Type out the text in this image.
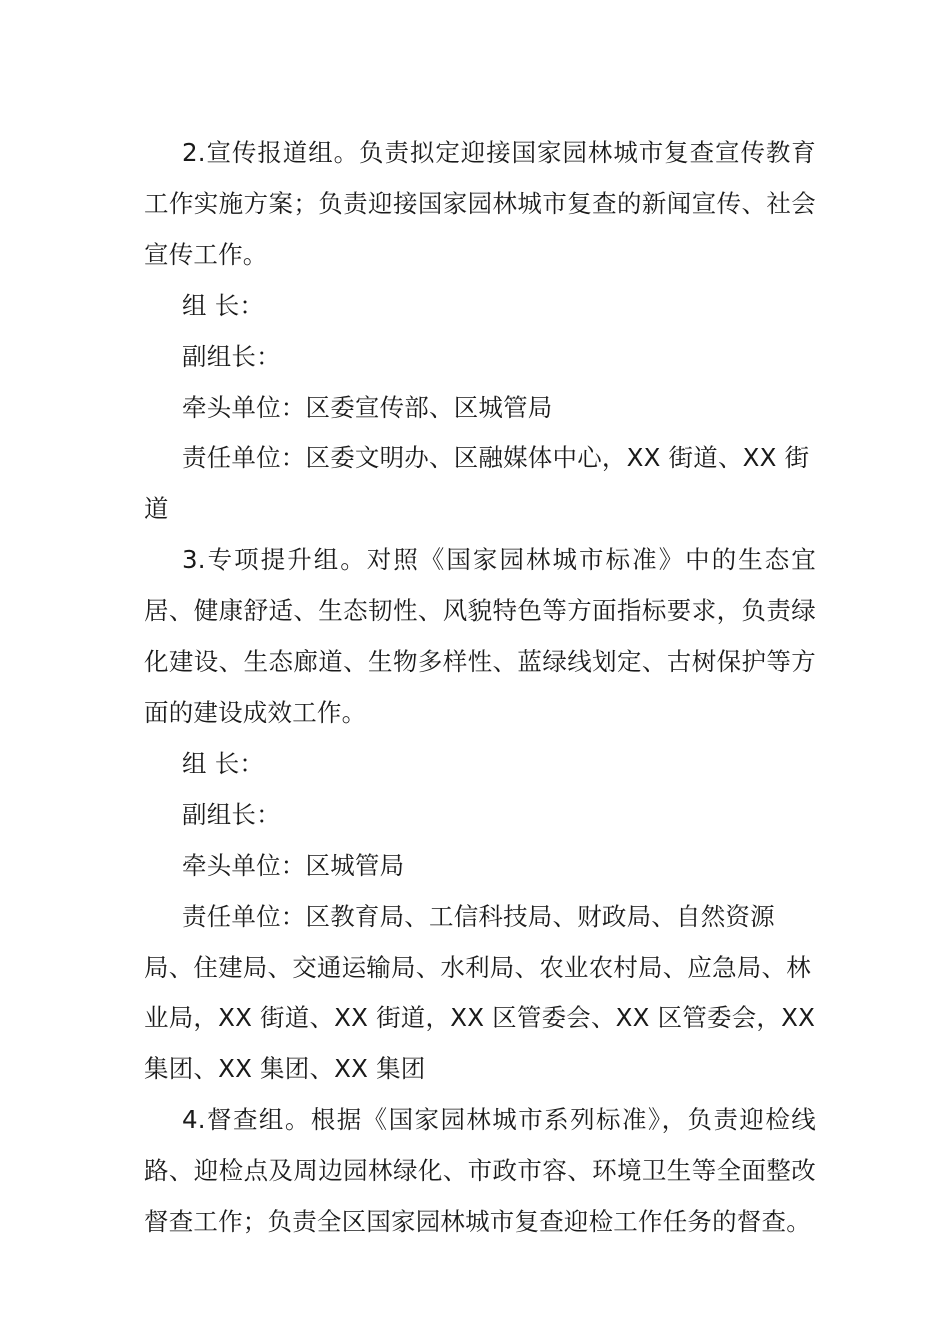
2.宣传报道组。负责拟定迎接国家园林城市复查宣传教育工作实施方案；负责迎接国家园林城市复查的新闻宣传、社会宣传工作。

组 长：

副组长：

牵头单位：区委宣传部、区城管局

责任单位：区委文明办、区融媒体中心，XX 街道、XX 街道

3.专项提升组。对照《国家园林城市标准》中的生态宜居、健康舒适、生态韧性、风貌特色等方面指标要求，负责绿化建设、生态廊道、生物多样性、蓝绿线划定、古树保护等方面的建设成效工作。

组 长：

副组长：

牵头单位：区城管局

责任单位：区教育局、工信科技局、财政局、自然资源局、住建局、交通运输局、水利局、农业农村局、应急局、林业局，XX 街道、XX 街道，XX 区管委会、XX 区管委会，XX 集团、XX 集团、XX 集团

4.督查组。根据《国家园林城市系列标准》，负责迎检线路、迎检点及周边园林绿化、市政市容、环境卫生等全面整改督查工作；负责全区国家园林城市复查迎检工作任务的督查。
